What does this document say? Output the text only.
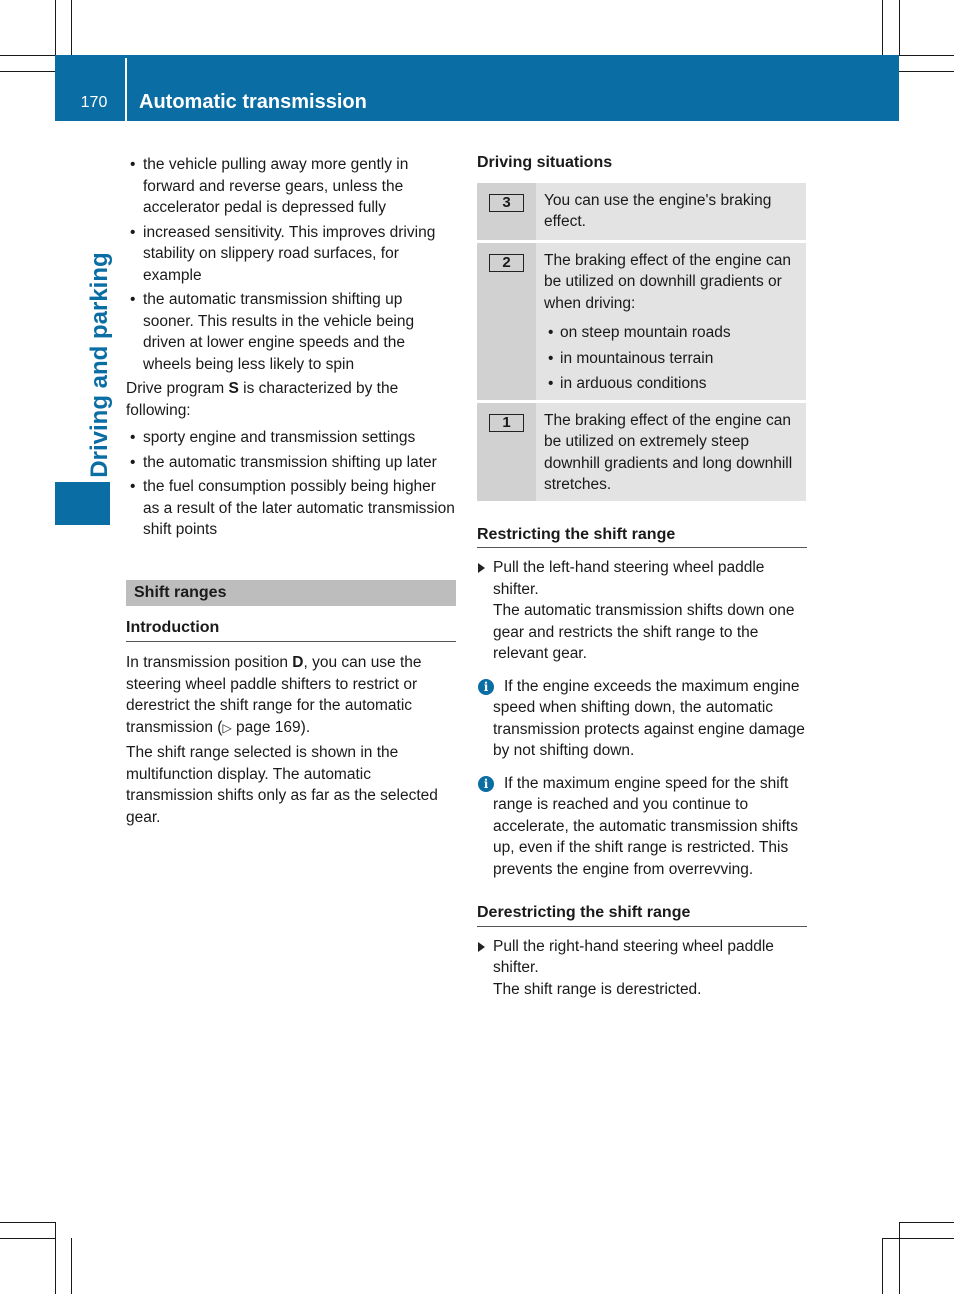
170	Automatic transmission
Driving and parking
• the vehicle pulling away more gently in forward and reverse gears, unless the accelerator pedal is depressed fully
• increased sensitivity. This improves driving stability on slippery road surfaces, for example
• the automatic transmission shifting up sooner. This results in the vehicle being driven at lower engine speeds and the wheels being less likely to spin

Drive program S is characterized by the following:

• sporty engine and transmission settings
• the automatic transmission shifting up later
• the fuel consumption possibly being higher as a result of the later automatic transmission shift points
Shift ranges
Introduction

In transmission position D, you can use the steering wheel paddle shifters to restrict or derestrict the shift range for the automatic transmission (▷ page 169).

The shift range selected is shown in the multifunction display. The automatic transmission shifts only as far as the selected gear.

Driving situations
3	You can use the engine's braking effect.

2	The braking effect of the engine can be utilized on downhill gradients or when driving:
• on steep mountain roads
• in mountainous terrain
• in arduous conditions

1	The braking effect of the engine can be utilized on extremely steep downhill gradients and long downhill stretches.
Restricting the shift range
Pull the left-hand steering wheel paddle shifter.
The automatic transmission shifts down one gear and restricts the shift range to the relevant gear.
i	If the engine exceeds the maximum engine speed when shifting down, the automatic transmission protects against engine damage by not shifting down.
i	If the maximum engine speed for the shift range is reached and you continue to accelerate, the automatic transmission shifts up, even if the shift range is restricted. This prevents the engine from overrevving.
Derestricting the shift range
Pull the right-hand steering wheel paddle shifter.
The shift range is derestricted.
